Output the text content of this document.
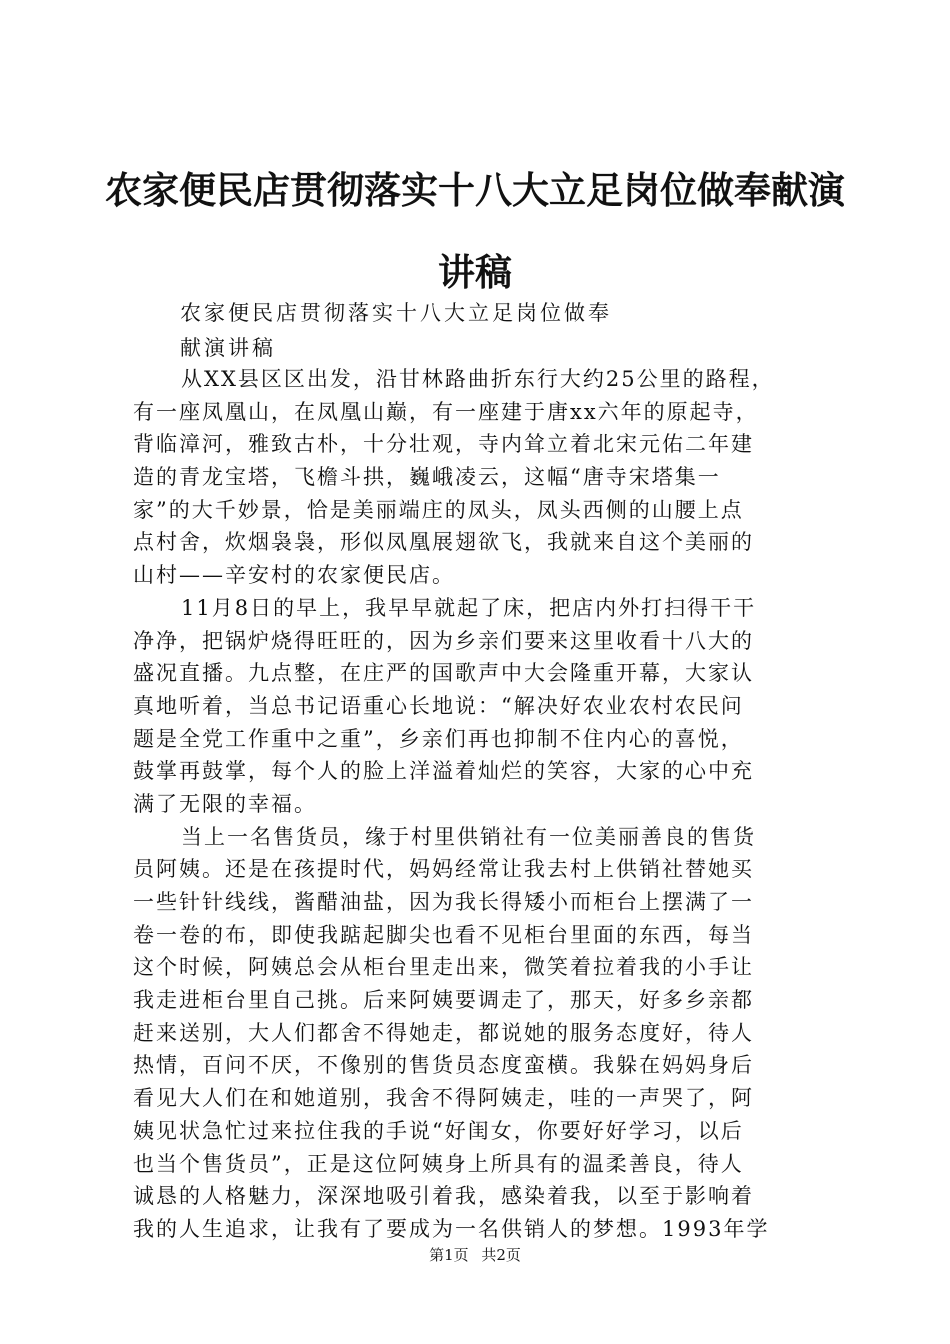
农家便民店贯彻落实十八大立足岗位做奉献演
讲稿
农家便民店贯彻落实十八大立足岗位做奉
献演讲稿
从XX县区区出发，沿甘林路曲折东行大约25公里的路程，
有一座凤凰山，在凤凰山巅，有一座建于唐xx六年的原起寺，
背临漳河，雅致古朴，十分壮观，寺内耸立着北宋元佑二年建
造的青龙宝塔，飞檐斗拱，巍峨凌云，这幅“唐寺宋塔集一
家”的大千妙景，恰是美丽端庄的凤头，凤头西侧的山腰上点
点村舍，炊烟袅袅，形似凤凰展翅欲飞，我就来自这个美丽的
山村——辛安村的农家便民店。
11月8日的早上，我早早就起了床，把店内外打扫得干干
净净，把锅炉烧得旺旺的，因为乡亲们要来这里收看十八大的
盛况直播。九点整，在庄严的国歌声中大会隆重开幕，大家认
真地听着，当总书记语重心长地说：“解决好农业农村农民问
题是全党工作重中之重”，乡亲们再也抑制不住内心的喜悦，
鼓掌再鼓掌，每个人的脸上洋溢着灿烂的笑容，大家的心中充
满了无限的幸福。
当上一名售货员，缘于村里供销社有一位美丽善良的售货
员阿姨。还是在孩提时代，妈妈经常让我去村上供销社替她买
一些针针线线，酱醋油盐，因为我长得矮小而柜台上摆满了一
卷一卷的布，即使我踮起脚尖也看不见柜台里面的东西，每当
这个时候，阿姨总会从柜台里走出来，微笑着拉着我的小手让
我走进柜台里自己挑。后来阿姨要调走了，那天，好多乡亲都
赶来送别，大人们都舍不得她走，都说她的服务态度好，待人
热情，百问不厌，不像别的售货员态度蛮横。我躲在妈妈身后
看见大人们在和她道别，我舍不得阿姨走，哇的一声哭了，阿
姨见状急忙过来拉住我的手说“好闺女，你要好好学习，以后
也当个售货员”，正是这位阿姨身上所具有的温柔善良，待人
诚恳的人格魅力，深深地吸引着我，感染着我，以至于影响着
我的人生追求，让我有了要成为一名供销人的梦想。1993年学
第1页 共2页
